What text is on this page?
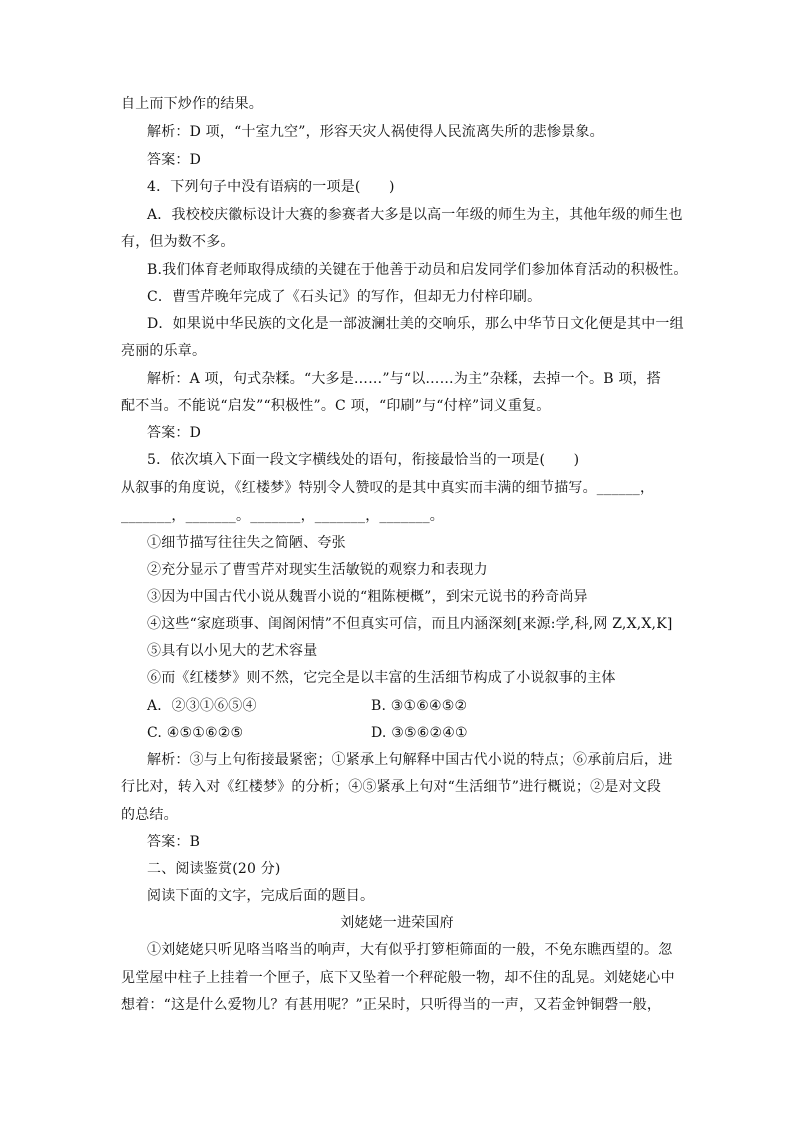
自上而下炒作的结果。
解析：D 项，“十室九空”，形容天灾人祸使得人民流离失所的悲惨景象。
答案：D
4．下列句子中没有语病的一项是(　　)
A．我校校庆徽标设计大赛的参赛者大多是以高一年级的师生为主，其他年级的师生也
有，但为数不多。
B.我们体育老师取得成绩的关键在于他善于动员和启发同学们参加体育活动的积极性。
C．曹雪芹晚年完成了《石头记》的写作，但却无力付梓印刷。
D．如果说中华民族的文化是一部波澜壮美的交响乐，那么中华节日文化便是其中一组
亮丽的乐章。
解析：A 项，句式杂糅。“大多是……”与“以……为主”杂糅，去掉一个。B 项，搭
配不当。不能说“启发”“积极性”。C 项，“印刷”与“付梓”词义重复。
答案：D
5．依次填入下面一段文字横线处的语句，衔接最恰当的一项是(　　)
从叙事的角度说，《红楼梦》特别令人赞叹的是其中真实而丰满的细节描写。______，
_______，_______。_______，_______，_______。
①细节描写往往失之简陋、夸张
②充分显示了曹雪芹对现实生活敏锐的观察力和表现力
③因为中国古代小说从魏晋小说的“粗陈梗概”，到宋元说书的矜奇尚异
④这些“家庭琐事、闺阁闲情”不但真实可信，而且内涵深刻[来源:学,科,网 Z,X,X,K]
⑤具有以小见大的艺术容量
⑥而《红楼梦》则不然，它完全是以丰富的生活细节构成了小说叙事的主体
A．②③①⑥⑤④	B. ③①⑥④⑤②
C. ④⑤①⑥②⑤	D. ③⑤⑥②④①
解析：③与上句衔接最紧密；①紧承上句解释中国古代小说的特点；⑥承前启后，进
行比对，转入对《红楼梦》的分析；④⑤紧承上句对“生活细节”进行概说；②是对文段
的总结。
答案：B
二、阅读鉴赏(20 分)
阅读下面的文字，完成后面的题目。
刘姥姥一进荣国府
①刘姥姥只听见咯当咯当的响声，大有似乎打箩柜筛面的一般，不免东瞧西望的。忽
见堂屋中柱子上挂着一个匣子，底下又坠着一个秤砣般一物，却不住的乱晃。刘姥姥心中
想着：“这是什么爱物儿？有甚用呢？”正呆时，只听得当的一声，又若金钟铜磬一般，
